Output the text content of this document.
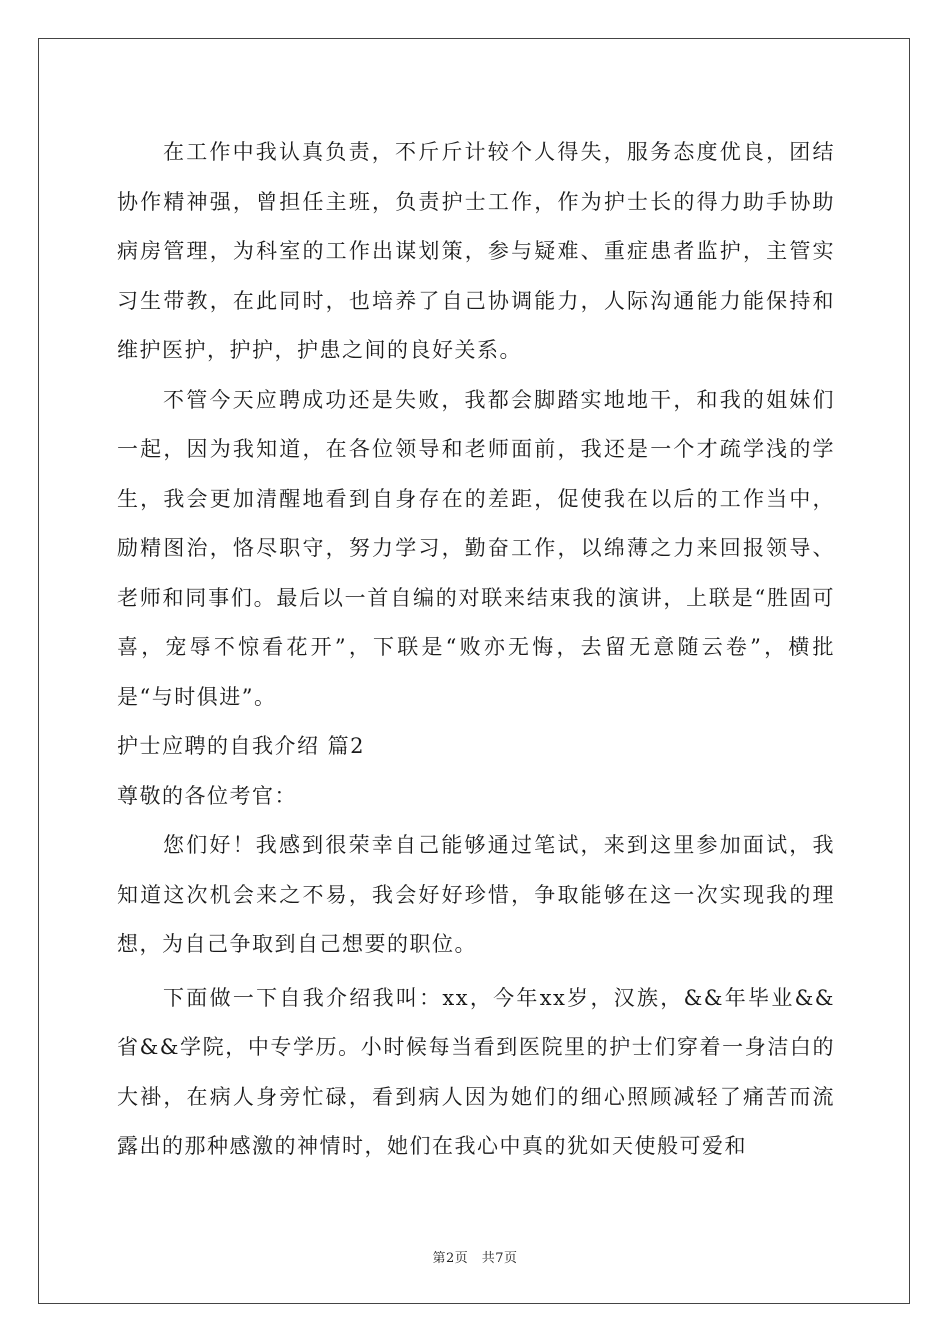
在工作中我认真负责，不斤斤计较个人得失，服务态度优良，团结协作精神强，曾担任主班，负责护士工作，作为护士长的得力助手协助病房管理，为科室的工作出谋划策，参与疑难、重症患者监护，主管实习生带教，在此同时，也培养了自己协调能力，人际沟通能力能保持和维护医护，护护，护患之间的良好关系。

不管今天应聘成功还是失败，我都会脚踏实地地干，和我的姐妹们一起，因为我知道，在各位领导和老师面前，我还是一个才疏学浅的学生，我会更加清醒地看到自身存在的差距，促使我在以后的工作当中，励精图治，恪尽职守，努力学习，勤奋工作，以绵薄之力来回报领导、老师和同事们。最后以一首自编的对联来结束我的演讲，上联是“胜固可喜，宠辱不惊看花开”，下联是“败亦无悔，去留无意随云卷”，横批是“与时俱进”。

护士应聘的自我介绍 篇2

尊敬的各位考官：

您们好！我感到很荣幸自己能够通过笔试，来到这里参加面试，我知道这次机会来之不易，我会好好珍惜，争取能够在这一次实现我的理想，为自己争取到自己想要的职位。

下面做一下自我介绍我叫：xx，今年xx岁，汉族，&&年毕业&&省&&学院，中专学历。小时候每当看到医院里的护士们穿着一身洁白的大褂，在病人身旁忙碌，看到病人因为她们的细心照顾减轻了痛苦而流露出的那种感激的神情时，她们在我心中真的犹如天使般可爱和

第2页　共7页
